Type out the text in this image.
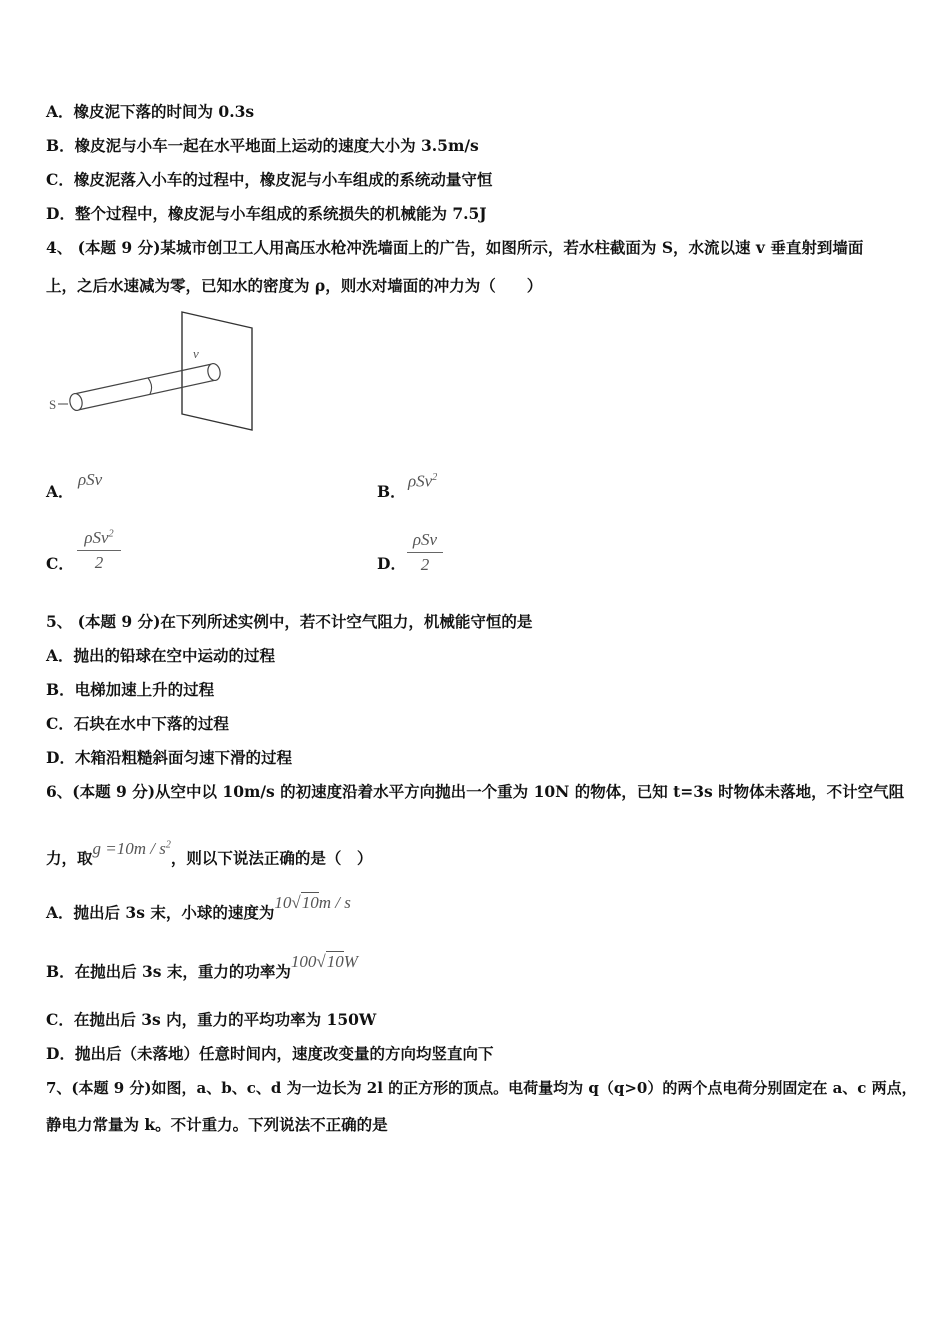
A．橡皮泥下落的时间为 0.3s
B．橡皮泥与小车一起在水平地面上运动的速度大小为 3.5m/s
C．橡皮泥落入小车的过程中，橡皮泥与小车组成的系统动量守恒
D．整个过程中，橡皮泥与小车组成的系统损失的机械能为 7.5J
4、 (本题 9 分)某城市创卫工人用高压水枪冲洗墙面上的广告，如图所示，若水柱截面为 S，水流以速 v 垂直射到墙面
上，之后水速减为零，已知水的密度为 ρ，则水对墙面的冲力为（　　）
S
v
A．
ρSv
B．
ρSv$^2$
C．
ρSv$^2$
2	D．
ρSv
2
5、 (本题 9 分)在下列所述实例中，若不计空气阻力，机械能守恒的是
A．抛出的铅球在空中运动的过程
B．电梯加速上升的过程
C．石块在水中下落的过程
D．木箱沿粗糙斜面匀速下滑的过程
6、(本题 9 分)从空中以 10m/s 的初速度沿着水平方向抛出一个重为 10N 的物体，已知 t=3s 时物体未落地，不计空气阻
力，取$g =10m / s^2$，则以下说法正确的是（　）
A．抛出后 3s 末，小球的速度为10√10m / s
B．在抛出后 3s 末，重力的功率为100√10W
C．在抛出后 3s 内，重力的平均功率为 150W
D．抛出后（未落地）任意时间内，速度改变量的方向均竖直向下
7、(本题 9 分)如图，a、b、c、d 为一边长为 2l 的正方形的顶点。电荷量均为 q（q>0）的两个点电荷分别固定在 a、c 两点，
静电力常量为 k。不计重力。下列说法不正确的是
